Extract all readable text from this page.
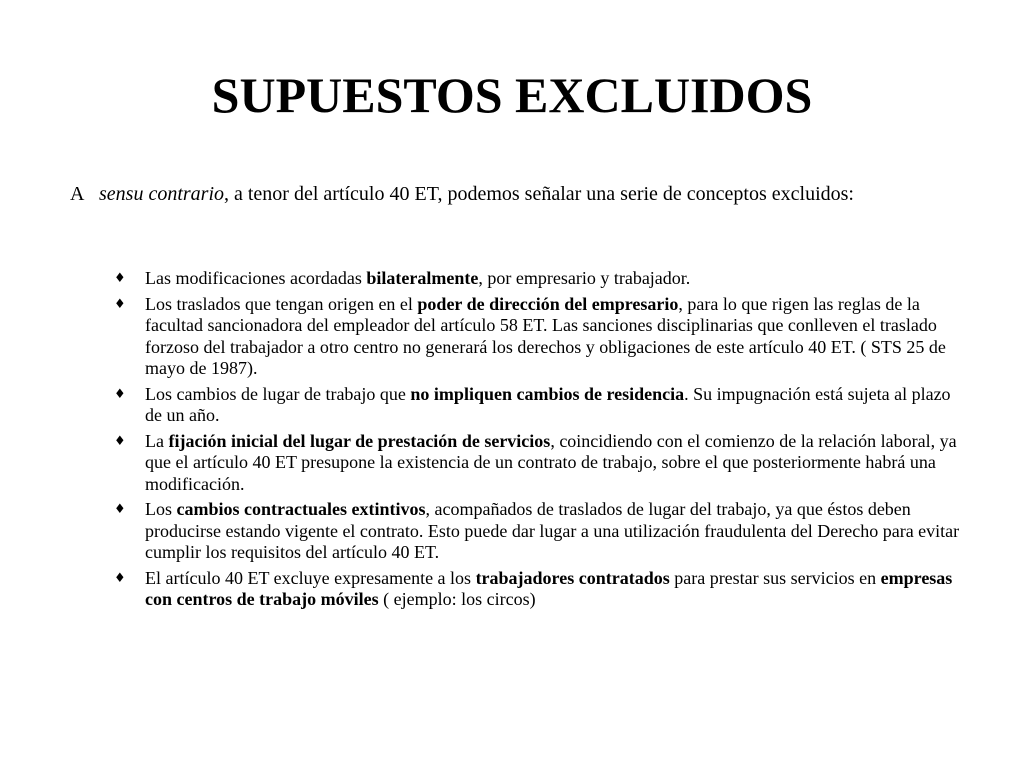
SUPUESTOS EXCLUIDOS
A sensu contrario, a tenor del artículo 40 ET, podemos señalar una serie de conceptos excluidos:
♦ Las modificaciones acordadas bilateralmente, por empresario y trabajador.
♦ Los traslados que tengan origen en el poder de dirección del empresario, para lo que rigen las reglas de la facultad sancionadora del empleador del artículo 58 ET. Las sanciones disciplinarias que conlleven el traslado forzoso del trabajador a otro centro no generará los derechos y obligaciones de este artículo 40 ET. ( STS 25 de mayo de 1987).
♦ Los cambios de lugar de trabajo que no impliquen cambios de residencia. Su impugnación está sujeta al plazo de un año.
♦ La fijación inicial del lugar de prestación de servicios, coincidiendo con el comienzo de la relación laboral, ya que el artículo 40 ET presupone la existencia de un contrato de trabajo, sobre el que posteriormente habrá una modificación.
♦ Los cambios contractuales extintivos, acompañados de traslados de lugar del trabajo, ya que éstos deben producirse estando vigente el contrato. Esto puede dar lugar a una utilización fraudulenta del Derecho para evitar cumplir los requisitos del artículo 40 ET.
♦ El artículo 40 ET excluye expresamente a los trabajadores contratados para prestar sus servicios en empresas con centros de trabajo móviles ( ejemplo: los circos)
